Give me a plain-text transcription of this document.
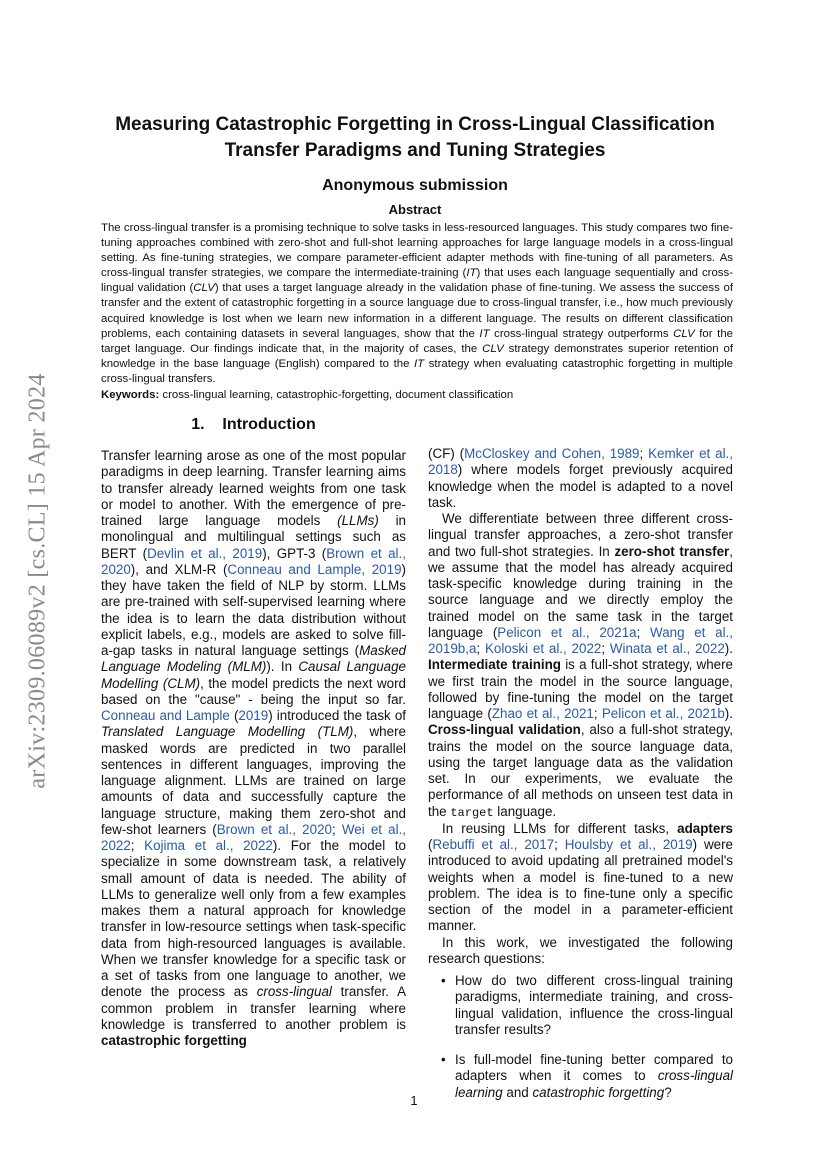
arXiv:2309.06089v2 [cs.CL] 15 Apr 2024
Measuring Catastrophic Forgetting in Cross-Lingual Classification Transfer Paradigms and Tuning Strategies
Anonymous submission
Abstract

The cross-lingual transfer is a promising technique to solve tasks in less-resourced languages. This study compares two fine-tuning approaches combined with zero-shot and full-shot learning approaches for large language models in a cross-lingual setting. As fine-tuning strategies, we compare parameter-efficient adapter methods with fine-tuning of all parameters. As cross-lingual transfer strategies, we compare the intermediate-training (IT) that uses each language sequentially and cross-lingual validation (CLV) that uses a target language already in the validation phase of fine-tuning. We assess the success of transfer and the extent of catastrophic forgetting in a source language due to cross-lingual transfer, i.e., how much previously acquired knowledge is lost when we learn new information in a different language. The results on different classification problems, each containing datasets in several languages, show that the IT cross-lingual strategy outperforms CLV for the target language. Our findings indicate that, in the majority of cases, the CLV strategy demonstrates superior retention of knowledge in the base language (English) compared to the IT strategy when evaluating catastrophic forgetting in multiple cross-lingual transfers.

Keywords: cross-lingual learning, catastrophic-forgetting, document classification

1. Introduction

Transfer learning arose as one of the most popular paradigms in deep learning. Transfer learning aims to transfer already learned weights from one task or model to another. With the emergence of pre-trained large language models (LLMs) in monolingual and multilingual settings such as BERT (Devlin et al., 2019), GPT-3 (Brown et al., 2020), and XLM-R (Conneau and Lample, 2019) they have taken the field of NLP by storm. LLMs are pre-trained with self-supervised learning where the idea is to learn the data distribution without explicit labels, e.g., models are asked to solve fill-a-gap tasks in natural language settings (Masked Language Modeling (MLM)). In Causal Language Modelling (CLM), the model predicts the next word based on the "cause" - being the input so far. Conneau and Lample (2019) introduced the task of Translated Language Modelling (TLM), where masked words are predicted in two parallel sentences in different languages, improving the language alignment. LLMs are trained on large amounts of data and successfully capture the language structure, making them zero-shot and few-shot learners (Brown et al., 2020; Wei et al., 2022; Kojima et al., 2022). For the model to specialize in some downstream task, a relatively small amount of data is needed. The ability of LLMs to generalize well only from a few examples makes them a natural approach for knowledge transfer in low-resource settings when task-specific data from high-resourced languages is available. When we transfer knowledge for a specific task or a set of tasks from one language to another, we denote the process as cross-lingual transfer. A common problem in transfer learning where knowledge is transferred to another problem is catastrophic forgetting

(CF) (McCloskey and Cohen, 1989; Kemker et al., 2018) where models forget previously acquired knowledge when the model is adapted to a novel task.

We differentiate between three different cross-lingual transfer approaches, a zero-shot transfer and two full-shot strategies. In zero-shot transfer, we assume that the model has already acquired task-specific knowledge during training in the source language and we directly employ the trained model on the same task in the target language (Pelicon et al., 2021a; Wang et al., 2019b,a; Koloski et al., 2022; Winata et al., 2022). Intermediate training is a full-shot strategy, where we first train the model in the source language, followed by fine-tuning the model on the target language (Zhao et al., 2021; Pelicon et al., 2021b). Cross-lingual validation, also a full-shot strategy, trains the model on the source language data, using the target language data as the validation set. In our experiments, we evaluate the performance of all methods on unseen test data in the target language.

In reusing LLMs for different tasks, adapters (Rebuffi et al., 2017; Houlsby et al., 2019) were introduced to avoid updating all pretrained model's weights when a model is fine-tuned to a new problem. The idea is to fine-tune only a specific section of the model in a parameter-efficient manner.

In this work, we investigated the following research questions:

• How do two different cross-lingual training paradigms, intermediate training, and cross-lingual validation, influence the cross-lingual transfer results?
• Is full-model fine-tuning better compared to adapters when it comes to cross-lingual learning and catastrophic forgetting?
1
